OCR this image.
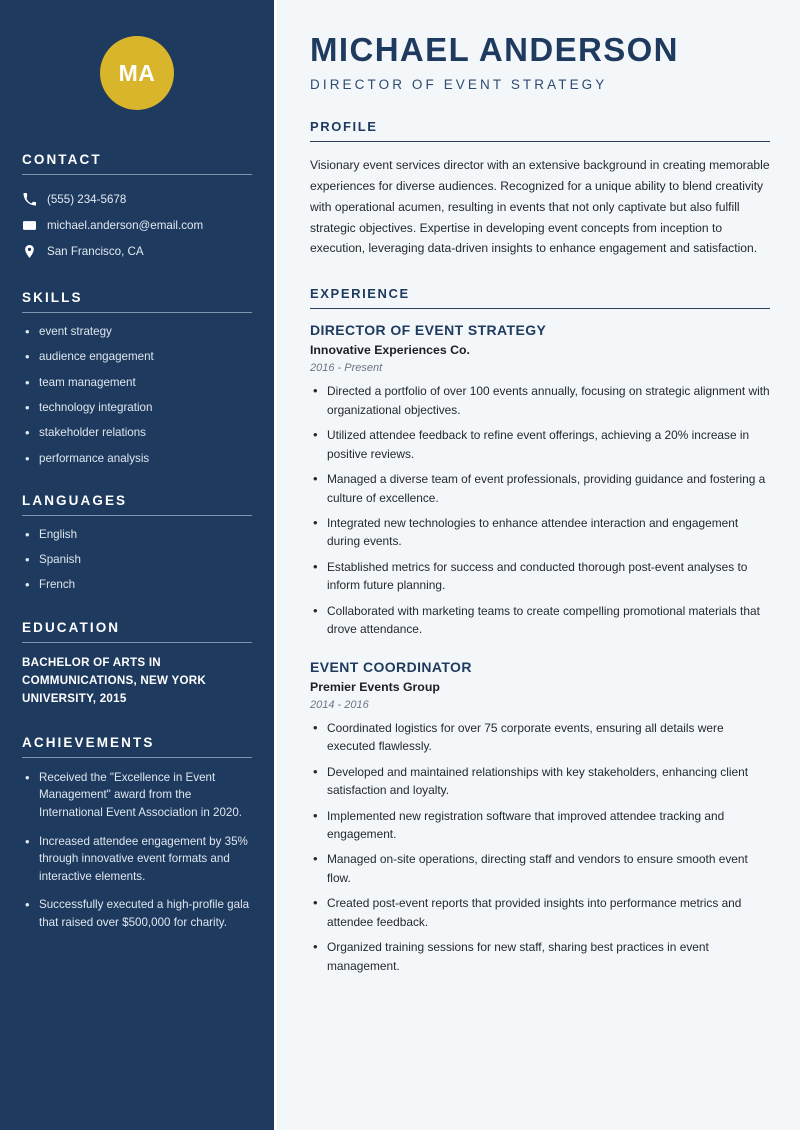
MA
CONTACT
(555) 234-5678
michael.anderson@email.com
San Francisco, CA
SKILLS
• event strategy
• audience engagement
• team management
• technology integration
• stakeholder relations
• performance analysis
LANGUAGES
• English
• Spanish
• French
EDUCATION
BACHELOR OF ARTS IN COMMUNICATIONS, NEW YORK UNIVERSITY, 2015
ACHIEVEMENTS
• Received the "Excellence in Event Management" award from the International Event Association in 2020.
• Increased attendee engagement by 35% through innovative event formats and interactive elements.
• Successfully executed a high-profile gala that raised over $500,000 for charity.
MICHAEL ANDERSON
DIRECTOR OF EVENT STRATEGY
PROFILE

Visionary event services director with an extensive background in creating memorable experiences for diverse audiences. Recognized for a unique ability to blend creativity with operational acumen, resulting in events that not only captivate but also fulfill strategic objectives. Expertise in developing event concepts from inception to execution, leveraging data-driven insights to enhance engagement and satisfaction.

EXPERIENCE
DIRECTOR OF EVENT STRATEGY
Innovative Experiences Co.
2016 - Present
• Directed a portfolio of over 100 events annually, focusing on strategic alignment with organizational objectives.
• Utilized attendee feedback to refine event offerings, achieving a 20% increase in positive reviews.
• Managed a diverse team of event professionals, providing guidance and fostering a culture of excellence.
• Integrated new technologies to enhance attendee interaction and engagement during events.
• Established metrics for success and conducted thorough post-event analyses to inform future planning.
• Collaborated with marketing teams to create compelling promotional materials that drove attendance.
EVENT COORDINATOR
Premier Events Group
2014 - 2016
• Coordinated logistics for over 75 corporate events, ensuring all details were executed flawlessly.
• Developed and maintained relationships with key stakeholders, enhancing client satisfaction and loyalty.
• Implemented new registration software that improved attendee tracking and engagement.
• Managed on-site operations, directing staff and vendors to ensure smooth event flow.
• Created post-event reports that provided insights into performance metrics and attendee feedback.
• Organized training sessions for new staff, sharing best practices in event management.
